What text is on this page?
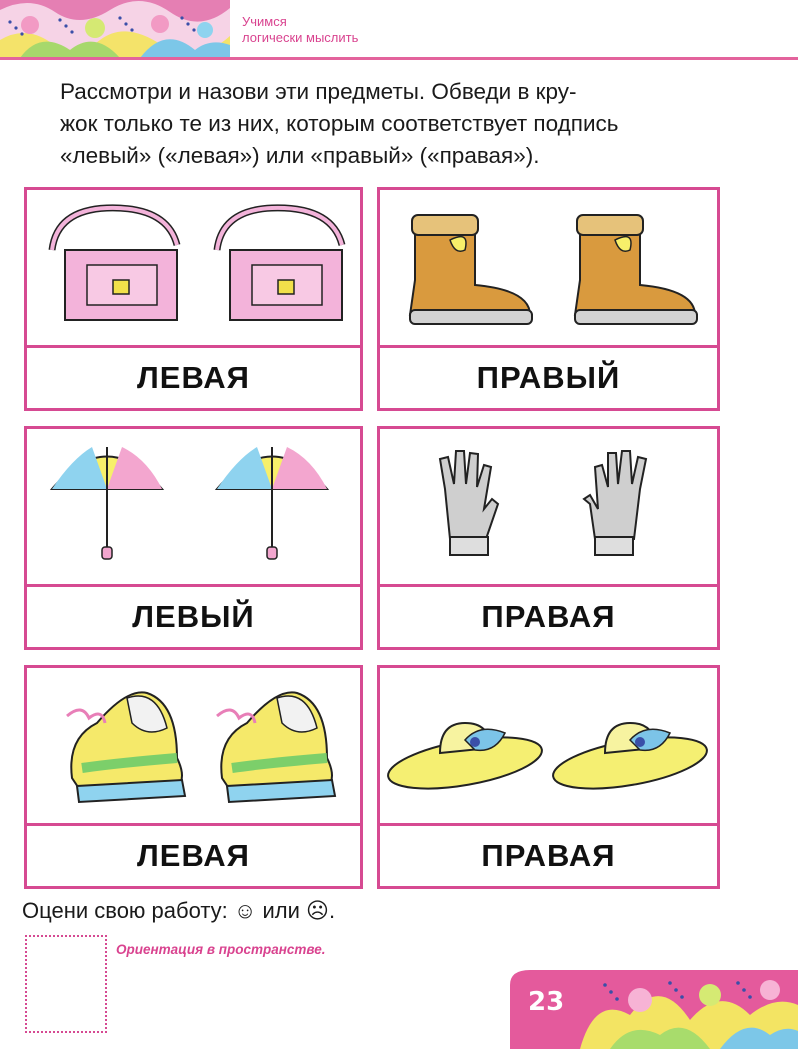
Учимся
логически мыслить
Рассмотри и назови эти предметы. Обведи в кру-
жок только те из них, которым соответствует подпись
«левый» («левая») или «правый» («правая»).
ЛЕВАЯ	ПРАВЫЙ
ЛЕВЫЙ	ПРАВАЯ
ЛЕВАЯ	ПРАВАЯ
Оцени свою работу: ☺ или ☹.
Ориентация в пространстве.
23
